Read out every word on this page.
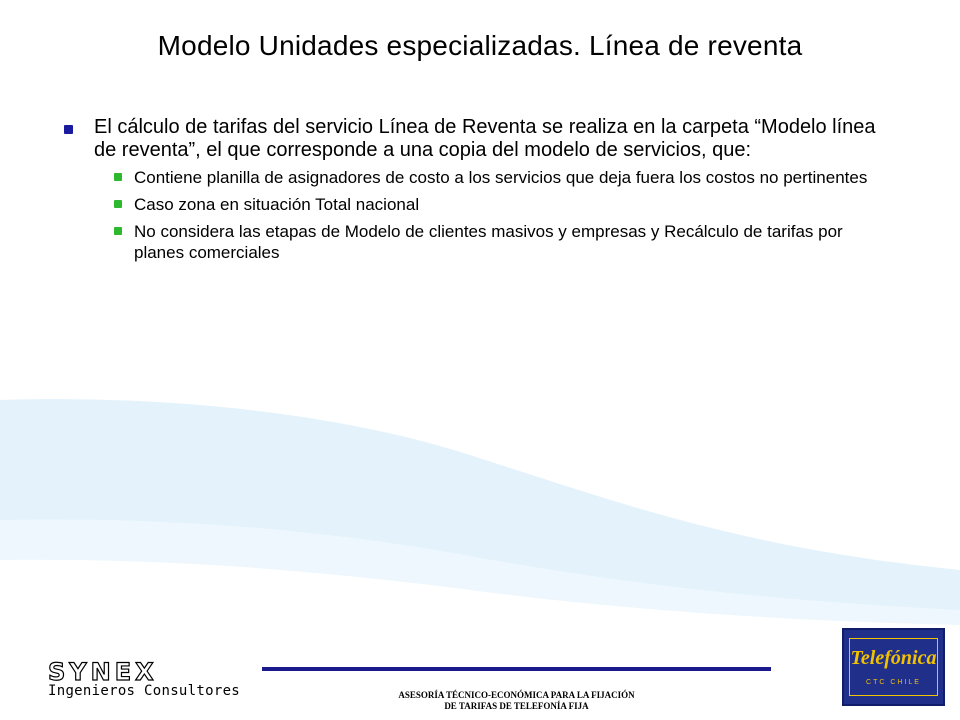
Modelo Unidades especializadas. Línea de reventa
El cálculo de tarifas del servicio Línea de Reventa se realiza en la carpeta “Modelo línea de reventa”, el que corresponde a una copia del modelo de servicios, que:
Contiene planilla de asignadores de costo a los servicios que deja fuera los costos no pertinentes
Caso zona en situación Total nacional
No considera las etapas de Modelo de clientes masivos y empresas y Recálculo de tarifas por planes comerciales
SYNEX
Ingenieros Consultores	ASESORÍA TÉCNICO-ECONÓMICA PARA LA FIJACIÓN
DE TARIFAS DE TELEFONÍA FIJA
Telefónica
CTC CHILE
